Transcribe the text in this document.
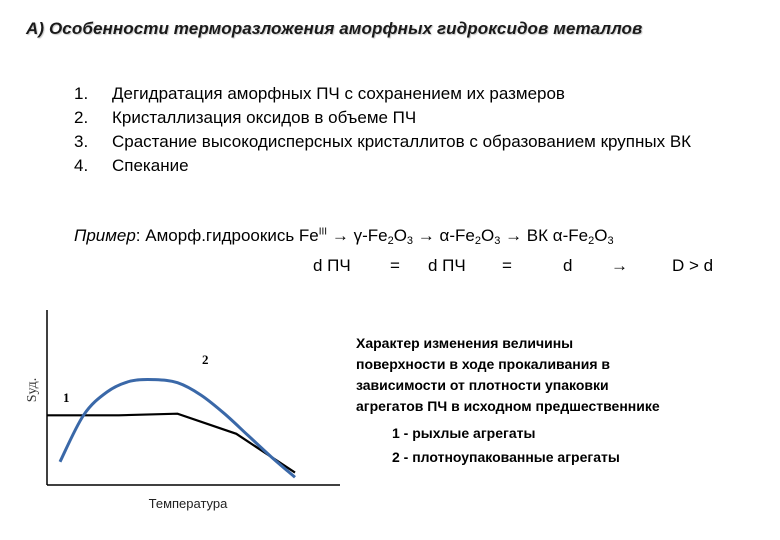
А) Особенности терморазложения аморфных гидроксидов металлов
1. Дегидратация аморфных ПЧ с сохранением их размеров
2. Кристаллизация оксидов в объеме ПЧ
3. Срастание высокодисперсных кристаллитов с образованием крупных ВК
4. Спекание
Пример: Аморф.гидроокись $Fe^{III} \to \gamma-Fe_2O_3 \to \alpha-Fe_2O_3$ → ВК $\alpha-Fe_2O_3$
d ПЧ = d ПЧ =	d →	D > d
Sуд.
Температура
1
2
Характер изменения величины
поверхности в ходе прокаливания в
зависимости от плотности упаковки
агрегатов ПЧ в исходном предшественнике
1 - рыхлые агрегаты
2 - плотноупакованные агрегаты
